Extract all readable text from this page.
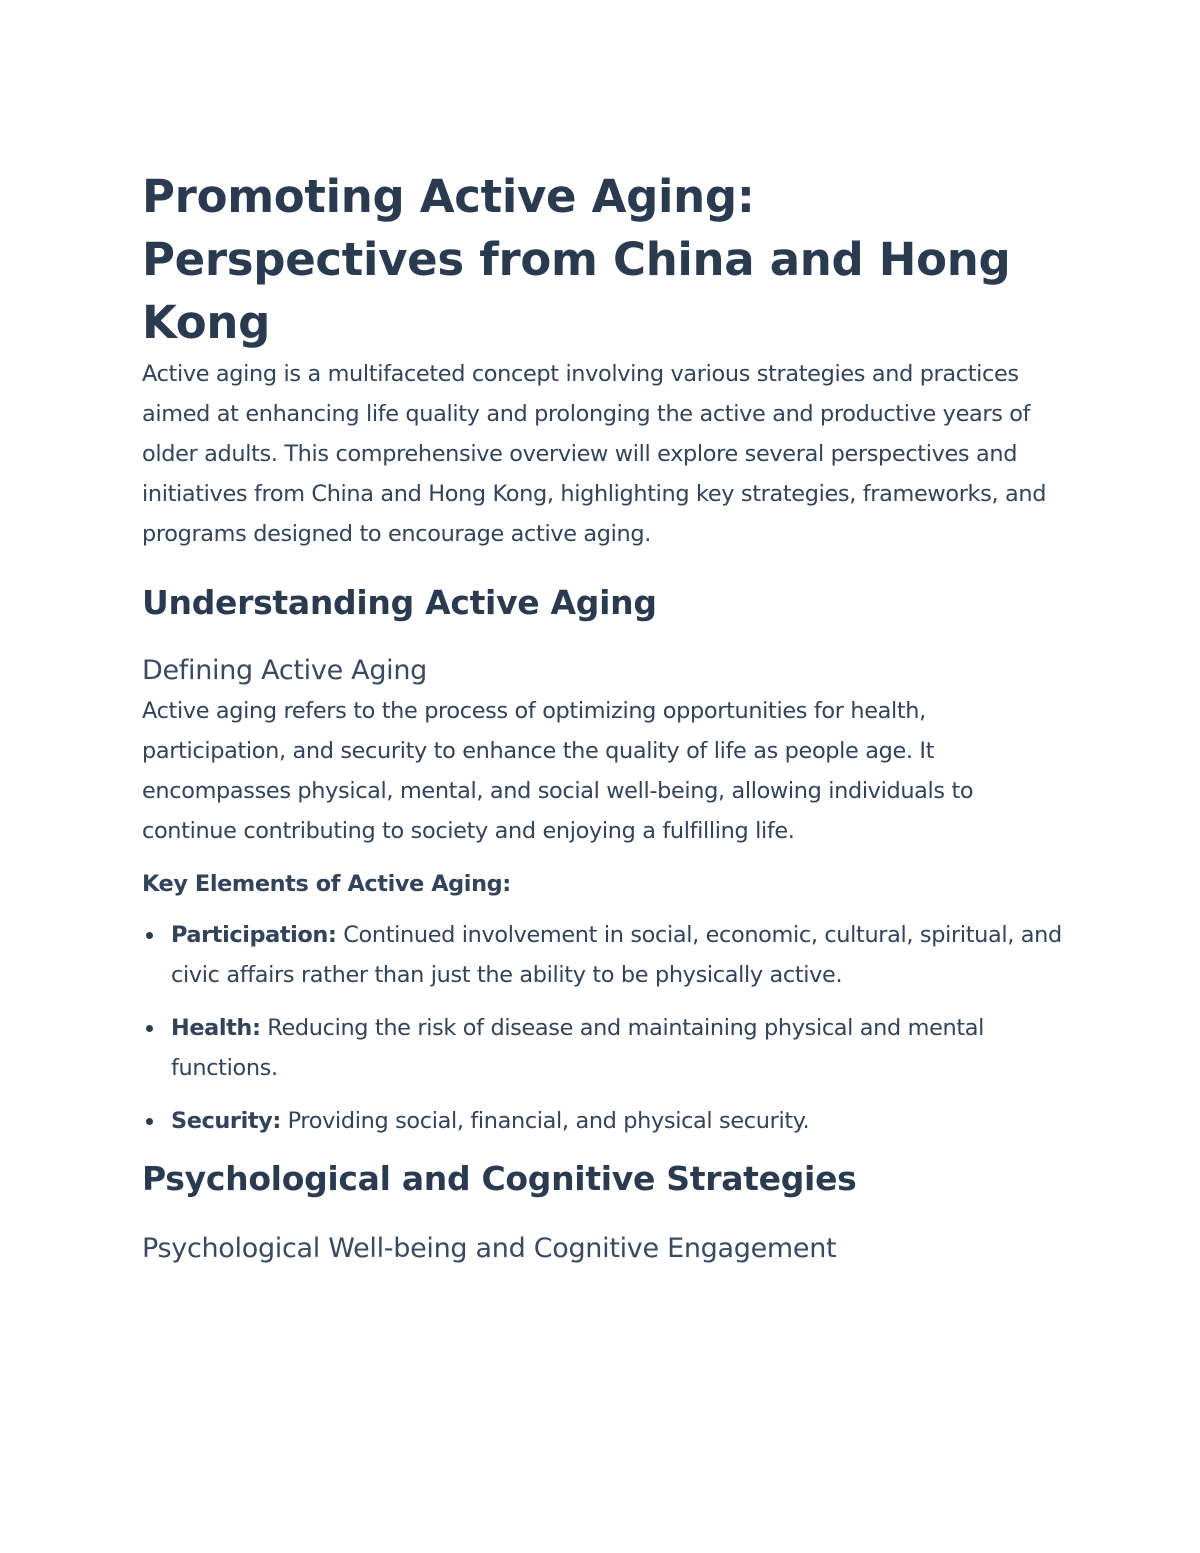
Promoting Active Aging: Perspectives from China and Hong Kong

Active aging is a multifaceted concept involving various strategies and practices aimed at enhancing life quality and prolonging the active and productive years of older adults. This comprehensive overview will explore several perspectives and initiatives from China and Hong Kong, highlighting key strategies, frameworks, and programs designed to encourage active aging.

Understanding Active Aging
Defining Active Aging

Active aging refers to the process of optimizing opportunities for health, participation, and security to enhance the quality of life as people age. It encompasses physical, mental, and social well-being, allowing individuals to continue contributing to society and enjoying a fulfilling life.

Key Elements of Active Aging:

Participation: Continued involvement in social, economic, cultural, spiritual, and civic affairs rather than just the ability to be physically active.
Health: Reducing the risk of disease and maintaining physical and mental functions.
Security: Providing social, financial, and physical security.
Psychological and Cognitive Strategies
Psychological Well-being and Cognitive Engagement
